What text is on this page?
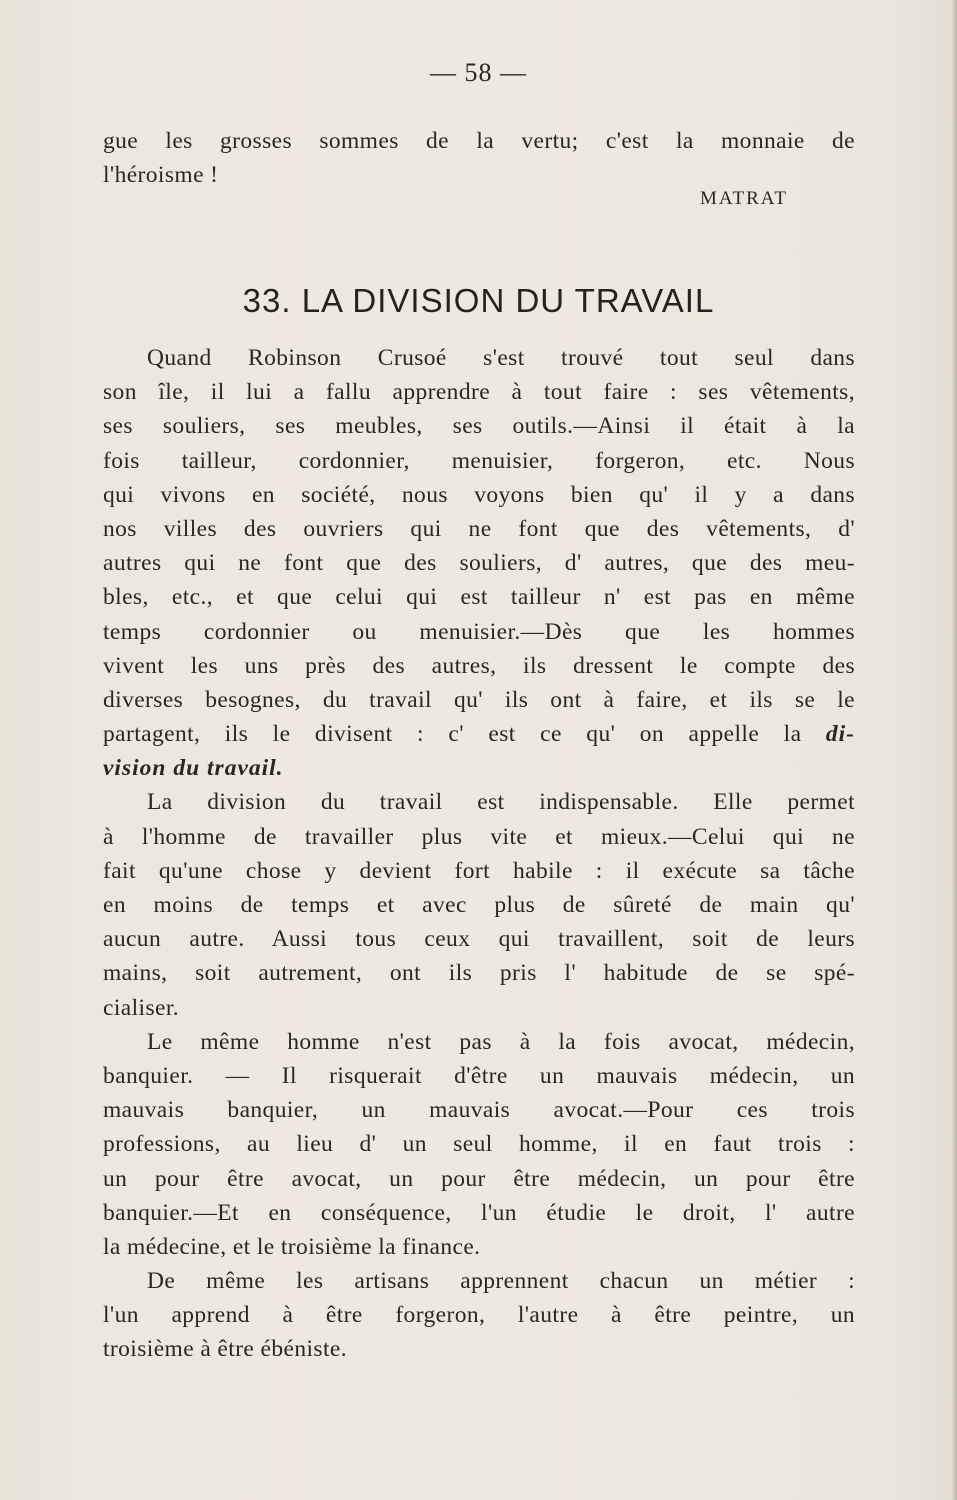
— 58 —
gue les grosses sommes de la vertu; c'est la monnaie de
l'héroisme !
MATRAT
33. LA DIVISION DU TRAVAIL
Quand Robinson Crusoé s'est trouvé tout seul dans
son île, il lui a fallu apprendre à tout faire : ses vêtements,
ses souliers, ses meubles, ses outils.—Ainsi il était à la
fois tailleur, cordonnier, menuisier, forgeron, etc. Nous
qui vivons en société, nous voyons bien qu' il y a dans
nos villes des ouvriers qui ne font que des vêtements, d'
autres qui ne font que des souliers, d' autres, que des meu-
bles, etc., et que celui qui est tailleur n' est pas en même
temps cordonnier ou menuisier.—Dès que les hommes
vivent les uns près des autres, ils dressent le compte des
diverses besognes, du travail qu' ils ont à faire, et ils se le
partagent, ils le divisent : c' est ce qu' on appelle la di-
vision du travail.
La division du travail est indispensable. Elle permet
à l'homme de travailler plus vite et mieux.—Celui qui ne
fait qu'une chose y devient fort habile : il exécute sa tâche
en moins de temps et avec plus de sûreté de main qu'
aucun autre. Aussi tous ceux qui travaillent, soit de leurs
mains, soit autrement, ont ils pris l' habitude de se spé-
cialiser.
Le même homme n'est pas à la fois avocat, médecin,
banquier. — Il risquerait d'être un mauvais médecin, un
mauvais banquier, un mauvais avocat.—Pour ces trois
professions, au lieu d' un seul homme, il en faut trois :
un pour être avocat, un pour être médecin, un pour être
banquier.—Et en conséquence, l'un étudie le droit, l' autre
la médecine, et le troisième la finance.
De même les artisans apprennent chacun un métier :
l'un apprend à être forgeron, l'autre à être peintre, un
troisième à être ébéniste.
